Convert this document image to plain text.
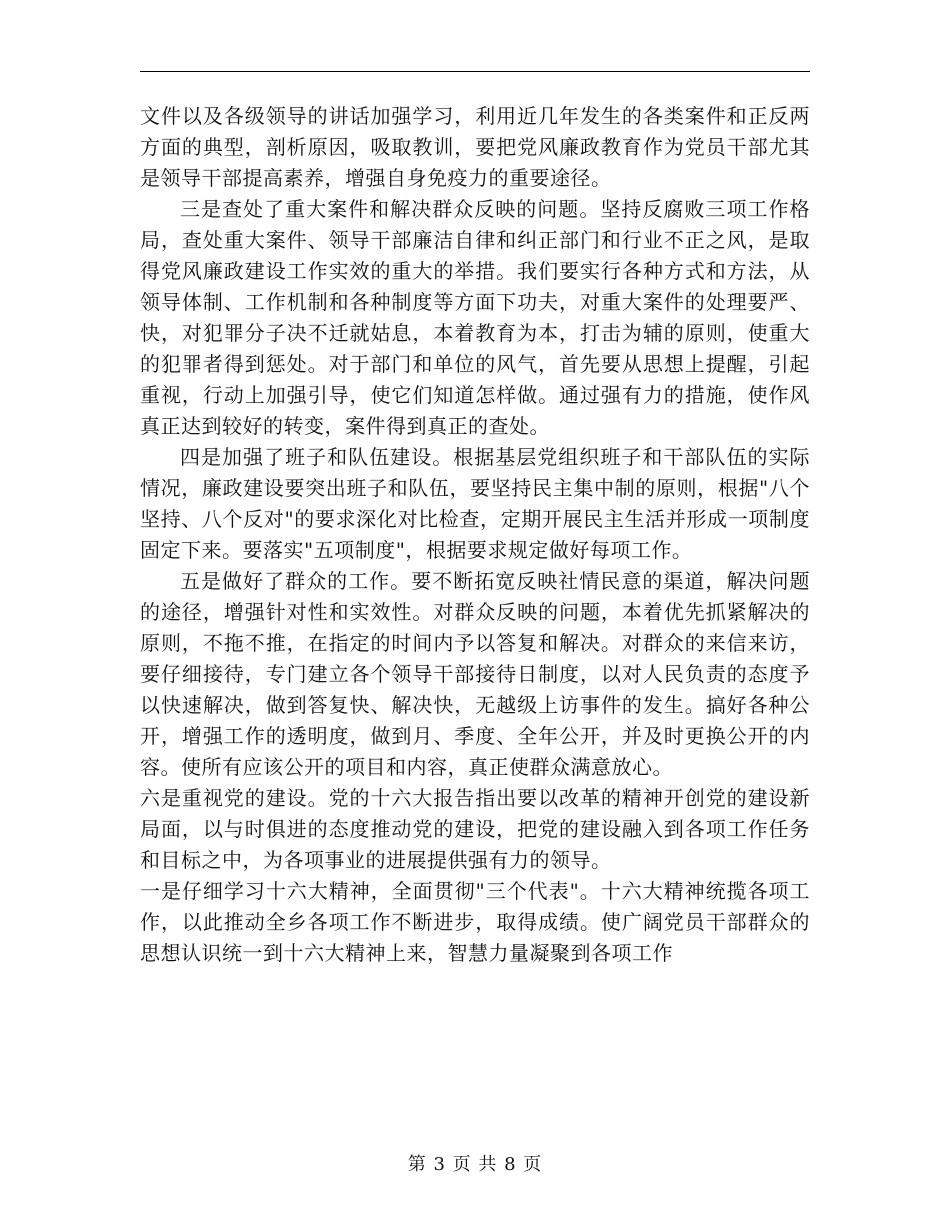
文件以及各级领导的讲话加强学习，利用近几年发生的各类案件和正反两方面的典型，剖析原因，吸取教训，要把党风廉政教育作为党员干部尤其是领导干部提高素养，增强自身免疫力的重要途径。

三是查处了重大案件和解决群众反映的问题。坚持反腐败三项工作格局，查处重大案件、领导干部廉洁自律和纠正部门和行业不正之风，是取得党风廉政建设工作实效的重大的举措。我们要实行各种方式和方法，从领导体制、工作机制和各种制度等方面下功夫，对重大案件的处理要严、快，对犯罪分子决不迁就姑息，本着教育为本，打击为辅的原则，使重大的犯罪者得到惩处。对于部门和单位的风气，首先要从思想上提醒，引起重视，行动上加强引导，使它们知道怎样做。通过强有力的措施，使作风真正达到较好的转变，案件得到真正的查处。

四是加强了班子和队伍建设。根据基层党组织班子和干部队伍的实际情况，廉政建设要突出班子和队伍，要坚持民主集中制的原则，根据"八个坚持、八个反对"的要求深化对比检查，定期开展民主生活并形成一项制度固定下来。要落实"五项制度"，根据要求规定做好每项工作。

五是做好了群众的工作。要不断拓宽反映社情民意的渠道，解决问题的途径，增强针对性和实效性。对群众反映的问题，本着优先抓紧解决的原则，不拖不推，在指定的时间内予以答复和解决。对群众的来信来访，要仔细接待，专门建立各个领导干部接待日制度，以对人民负责的态度予以快速解决，做到答复快、解决快，无越级上访事件的发生。搞好各种公开，增强工作的透明度，做到月、季度、全年公开，并及时更换公开的内容。使所有应该公开的项目和内容，真正使群众满意放心。

六是重视党的建设。党的十六大报告指出要以改革的精神开创党的建设新局面，以与时俱进的态度推动党的建设，把党的建设融入到各项工作任务和目标之中，为各项事业的进展提供强有力的领导。

一是仔细学习十六大精神，全面贯彻"三个代表"。十六大精神统揽各项工作，以此推动全乡各项工作不断进步，取得成绩。使广阔党员干部群众的思想认识统一到十六大精神上来，智慧力量凝聚到各项工作

第 3 页 共 8 页
